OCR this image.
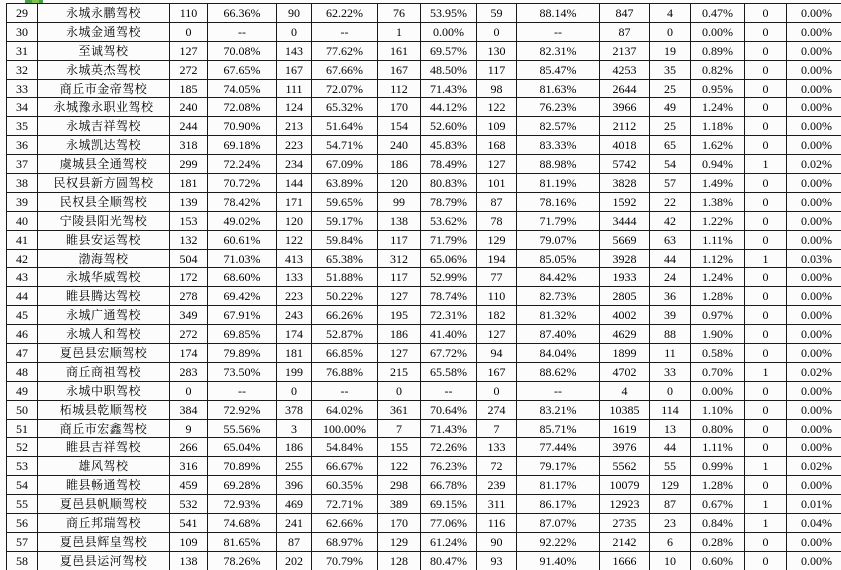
29	永城永鹏驾校	110	66.36%	90	62.22%	76	53.95%	59	88.14%	847	4	0.47%	0	0.00%
30	永城金通驾校	0	--	0	--	1	0.00%	0	--	87	0	0.00%	0	0.00%
31	至诚驾校	127	70.08%	143	77.62%	161	69.57%	130	82.31%	2137	19	0.89%	0	0.00%
32	永城英杰驾校	272	67.65%	167	67.66%	167	48.50%	117	85.47%	4253	35	0.82%	0	0.00%
33	商丘市金帝驾校	185	74.05%	111	72.07%	112	71.43%	98	81.63%	2644	25	0.95%	0	0.00%
34	永城豫永职业驾校	240	72.08%	124	65.32%	170	44.12%	122	76.23%	3966	49	1.24%	0	0.00%
35	永城吉祥驾校	244	70.90%	213	51.64%	154	52.60%	109	82.57%	2112	25	1.18%	0	0.00%
36	永城凯达驾校	318	69.18%	223	54.71%	240	45.83%	168	83.33%	4018	65	1.62%	0	0.00%
37	虞城县全通驾校	299	72.24%	234	67.09%	186	78.49%	127	88.98%	5742	54	0.94%	1	0.02%
38	民权县新方圆驾校	181	70.72%	144	63.89%	120	80.83%	101	81.19%	3828	57	1.49%	0	0.00%
39	民权县全顺驾校	139	78.42%	171	59.65%	99	78.79%	87	78.16%	1592	22	1.38%	0	0.00%
40	宁陵县阳光驾校	153	49.02%	120	59.17%	138	53.62%	78	71.79%	3444	42	1.22%	0	0.00%
41	睢县安运驾校	132	60.61%	122	59.84%	117	71.79%	129	79.07%	5669	63	1.11%	0	0.00%
42	渤海驾校	504	71.03%	413	65.38%	312	65.06%	194	85.05%	3928	44	1.12%	1	0.03%
43	永城华威驾校	172	68.60%	133	51.88%	117	52.99%	77	84.42%	1933	24	1.24%	0	0.00%
44	睢县腾达驾校	278	69.42%	223	50.22%	127	78.74%	110	82.73%	2805	36	1.28%	0	0.00%
45	永城广通驾校	349	67.91%	243	66.26%	195	72.31%	182	81.32%	4002	39	0.97%	0	0.00%
46	永城人和驾校	272	69.85%	174	52.87%	186	41.40%	127	87.40%	4629	88	1.90%	0	0.00%
47	夏邑县宏顺驾校	174	79.89%	181	66.85%	127	67.72%	94	84.04%	1899	11	0.58%	0	0.00%
48	商丘商祖驾校	283	73.50%	199	76.88%	215	65.58%	167	88.62%	4702	33	0.70%	1	0.02%
49	永城中职驾校	0	--	0	--	0	--	0	--	4	0	0.00%	0	0.00%
50	柘城县乾顺驾校	384	72.92%	378	64.02%	361	70.64%	274	83.21%	10385	114	1.10%	0	0.00%
51	商丘市宏鑫驾校	9	55.56%	3	100.00%	7	71.43%	7	85.71%	1619	13	0.80%	0	0.00%
52	睢县吉祥驾校	266	65.04%	186	54.84%	155	72.26%	133	77.44%	3976	44	1.11%	0	0.00%
53	雄风驾校	316	70.89%	255	66.67%	122	76.23%	72	79.17%	5562	55	0.99%	1	0.02%
54	睢县畅通驾校	459	69.28%	396	60.35%	298	66.78%	239	81.17%	10079	129	1.28%	0	0.00%
55	夏邑县帆顺驾校	532	72.93%	469	72.71%	389	69.15%	311	86.17%	12923	87	0.67%	1	0.01%
56	商丘邦瑞驾校	541	74.68%	241	62.66%	170	77.06%	116	87.07%	2735	23	0.84%	1	0.04%
57	夏邑县辉皇驾校	109	81.65%	87	68.97%	129	61.24%	90	92.22%	2142	6	0.28%	0	0.00%
58	夏邑县运河驾校	138	78.26%	202	70.79%	128	80.47%	93	91.40%	1666	10	0.60%	0	0.00%
